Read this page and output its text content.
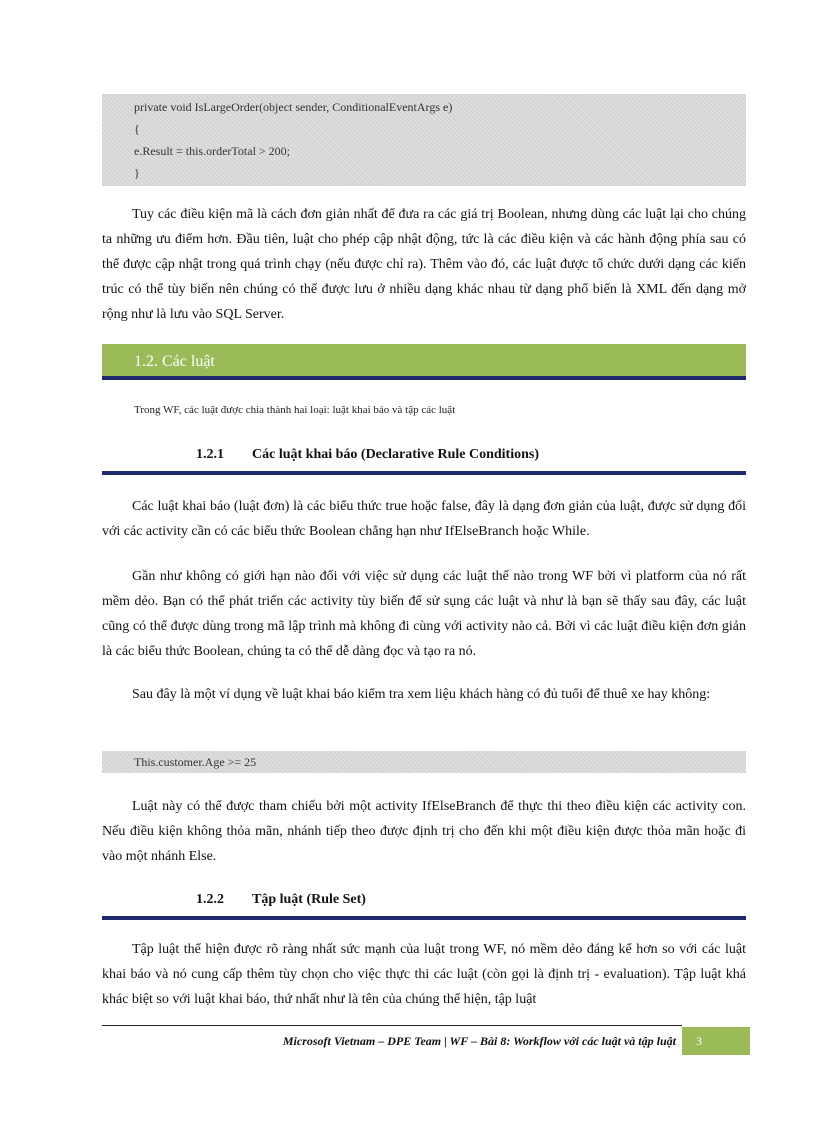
private void IsLargeOrder(object sender, ConditionalEventArgs e)
{
e.Result = this.orderTotal > 200;
}

Tuy các điều kiện mã là cách đơn giản nhất để đưa ra các giá trị Boolean, nhưng dùng các luật lại cho chúng ta những ưu điểm hơn. Đầu tiên, luật cho phép cập nhật động, tức là các điều kiện và các hành động phía sau có thể được cập nhật trong quá trình chạy (nếu được chỉ ra). Thêm vào đó, các luật được tổ chức dưới dạng các kiến trúc có thể tùy biến nên chúng có thể được lưu ở nhiều dạng khác nhau từ dạng phổ biến là XML đến dạng mở rộng như là lưu vào SQL Server.

1.2. Các luật
Trong WF, các luật được chia thành hai loại: luật khai báo và tập các luật
1.2.1 Các luật khai báo (Declarative Rule Conditions)

Các luật khai báo (luật đơn) là các biểu thức true hoặc false, đây là dạng đơn giản của luật, được sử dụng đối với các activity cần có các biểu thức Boolean chẳng hạn như IfElseBranch hoặc While.

Gần như không có giới hạn nào đối với việc sử dụng các luật thế nào trong WF bởi vì platform của nó rất mềm dẻo. Bạn có thể phát triển các activity tùy biến để sử sụng các luật và như là bạn sẽ thấy sau đây, các luật cũng có thể được dùng trong mã lập trình mà không đi cùng với activity nào cả. Bởi vì các luật điều kiện đơn giản là các biểu thức Boolean, chúng ta có thể dễ dàng đọc và tạo ra nó.

Sau đây là một ví dụng về luật khai báo kiểm tra xem liệu khách hàng có đủ tuổi để thuê xe hay không:

This.customer.Age >= 25

Luật này có thể được tham chiếu bởi một activity IfElseBranch để thực thi theo điều kiện các activity con. Nếu điều kiện không thỏa mãn, nhánh tiếp theo được định trị cho đến khi một điều kiện được thỏa mãn hoặc đi vào một nhánh Else.

1.2.2 Tập luật (Rule Set)

Tập luật thể hiện được rõ ràng nhất sức mạnh của luật trong WF, nó mềm dẻo đáng kể hơn so với các luật khai báo và nó cung cấp thêm tùy chọn cho việc thực thi các luật (còn gọi là định trị - evaluation). Tập luật khá khác biệt so với luật khai báo, thứ nhất như là tên của chúng thể hiện, tập luật

Microsoft Vietnam – DPE Team | WF – Bài 8: Workflow với các luật và tập luật	3
